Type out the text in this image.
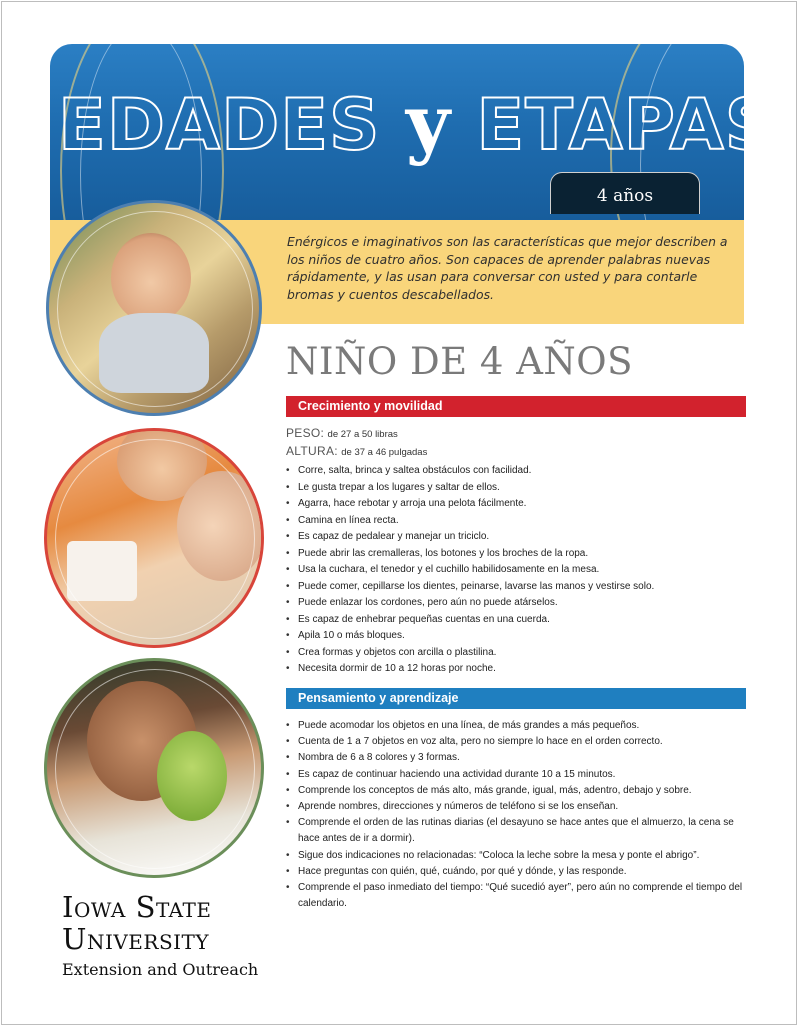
EDADES y ETAPAS
4 años
Enérgicos e imaginativos son las características que mejor describen a los niños de cuatro años. Son capaces de aprender palabras nuevas rápidamente, y las usan para conversar con usted y para contarle bromas y cuentos descabellados.
Iowa State
University
Extension and Outreach
NIÑO DE 4 AÑOS
Crecimiento y movilidad
PESO: de 27 a 50 libras
ALTURA: de 37 a 46 pulgadas
• Corre, salta, brinca y saltea obstáculos con facilidad.
• Le gusta trepar a los lugares y saltar de ellos.
• Agarra, hace rebotar y arroja una pelota fácilmente.
• Camina en línea recta.
• Es capaz de pedalear y manejar un triciclo.
• Puede abrir las cremalleras, los botones y los broches de la ropa.
• Usa la cuchara, el tenedor y el cuchillo habilidosamente en la mesa.
• Puede comer, cepillarse los dientes, peinarse, lavarse las manos y vestirse solo.
• Puede enlazar los cordones, pero aún no puede atárselos.
• Es capaz de enhebrar pequeñas cuentas en una cuerda.
• Apila 10 o más bloques.
• Crea formas y objetos con arcilla o plastilina.
• Necesita dormir de 10 a 12 horas por noche.
Pensamiento y aprendizaje
• Puede acomodar los objetos en una línea, de más grandes a más pequeños.
• Cuenta de 1 a 7 objetos en voz alta, pero no siempre lo hace en el orden correcto.
• Nombra de 6 a 8 colores y 3 formas.
• Es capaz de continuar haciendo una actividad durante 10 a 15 minutos.
• Comprende los conceptos de más alto, más grande, igual, más, adentro, debajo y sobre.
• Aprende nombres, direcciones y números de teléfono si se los enseñan.
• Comprende el orden de las rutinas diarias (el desayuno se hace antes que el almuerzo, la cena se hace antes de ir a dormir).
• Sigue dos indicaciones no relacionadas: “Coloca la leche sobre la mesa y ponte el abrigo”.
• Hace preguntas con quién, qué, cuándo, por qué y dónde, y las responde.
• Comprende el paso inmediato del tiempo: “Qué sucedió ayer”, pero aún no comprende el tiempo del calendario.
